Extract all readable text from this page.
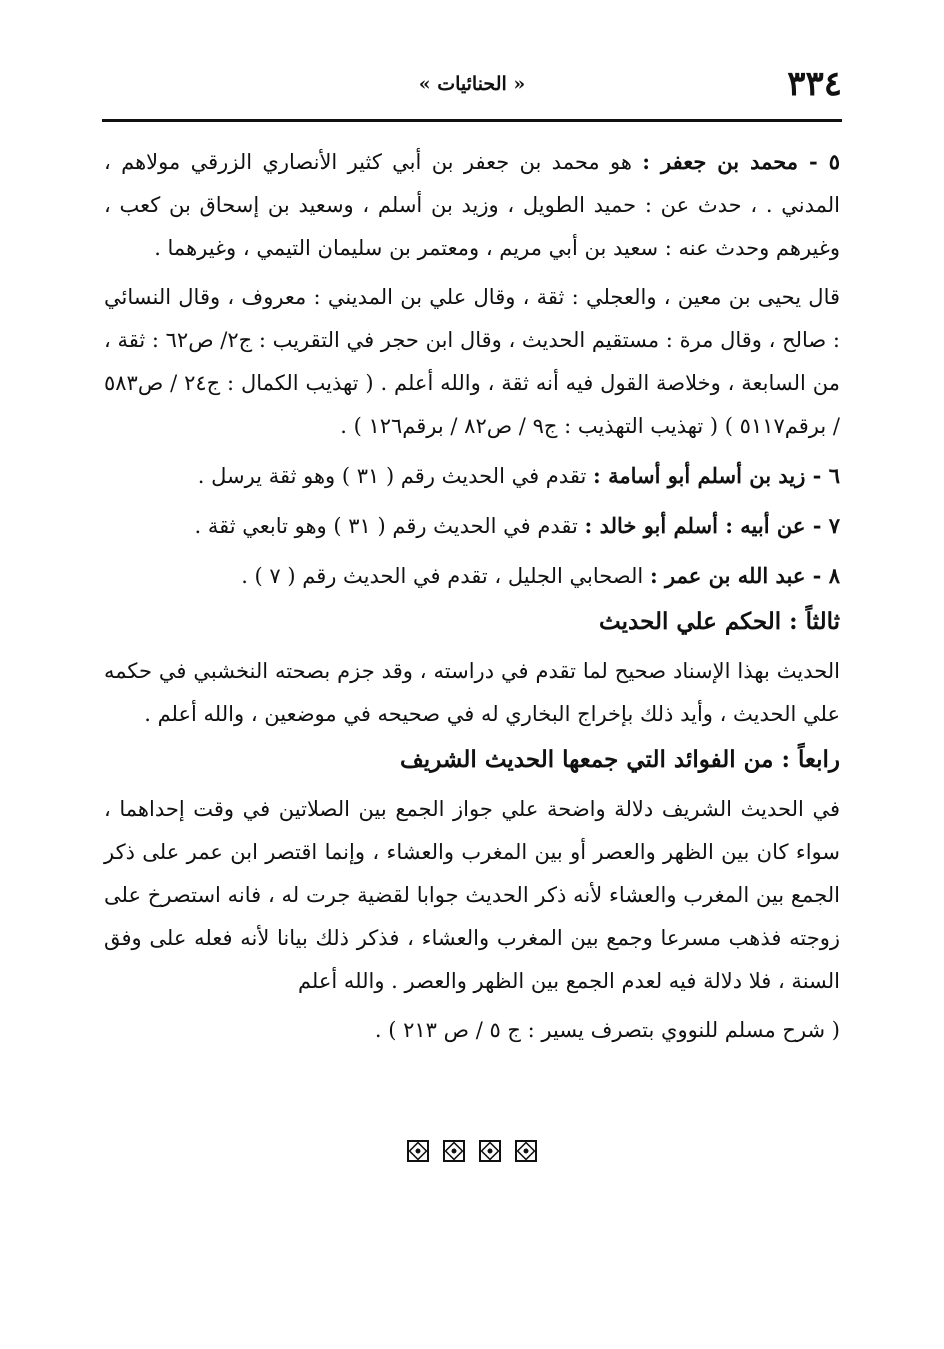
٣٣٤
« الحنائيات »

٥ - محمد بن جعفر : هو محمد بن جعفر بن أبي كثير الأنصاري الزرقي مولاهم ، المدني . ، حدث عن : حميد الطويل ، وزيد بن أسلم ، وسعيد بن إسحاق بن كعب ، وغيرهم وحدث عنه : سعيد بن أبي مريم ، ومعتمر بن سليمان التيمي ، وغيرهما .

قال يحيى بن معين ، والعجلي : ثقة ، وقال علي بن المديني : معروف ، وقال النسائي : صالح ، وقال مرة : مستقيم الحديث ، وقال ابن حجر في التقريب : ج٢/ ص٦٢ : ثقة ، من السابعة ، وخلاصة القول فيه أنه ثقة ، والله أعلم . ( تهذيب الكمال : ج٢٤ / ص٥٨٣ / برقم٥١١٧ ) ( تهذيب التهذيب : ج٩ / ص٨٢ / برقم١٢٦ ) .

٦ - زيد بن أسلم أبو أسامة : تقدم في الحديث رقم ( ٣١ ) وهو ثقة يرسل .

٧ - عن أبيه : أسلم أبو خالد : تقدم في الحديث رقم ( ٣١ ) وهو تابعي ثقة .

٨ - عبد الله بن عمر : الصحابي الجليل ، تقدم في الحديث رقم ( ٧ ) .

ثالثاً : الحكم علي الحديث

الحديث بهذا الإسناد صحيح لما تقدم في دراسته ، وقد جزم بصحته النخشبي في حكمه علي الحديث ، وأيد ذلك بإخراج البخاري له في صحيحه في موضعين ، والله أعلم .

رابعاً : من الفوائد التي جمعها الحديث الشريف

في الحديث الشريف دلالة واضحة علي جواز الجمع بين الصلاتين في وقت إحداهما ، سواء كان بين الظهر والعصر أو بين المغرب والعشاء ، وإنما اقتصر ابن عمر على ذكر الجمع بين المغرب والعشاء لأنه ذكر الحديث جوابا لقضية جرت له ، فانه استصرخ على زوجته فذهب مسرعا وجمع بين المغرب والعشاء ، فذكر ذلك بيانا لأنه فعله على وفق السنة ، فلا دلالة فيه لعدم الجمع بين الظهر والعصر . والله أعلم

( شرح مسلم للنووي بتصرف يسير : ج ٥ / ص ٢١٣ ) .
